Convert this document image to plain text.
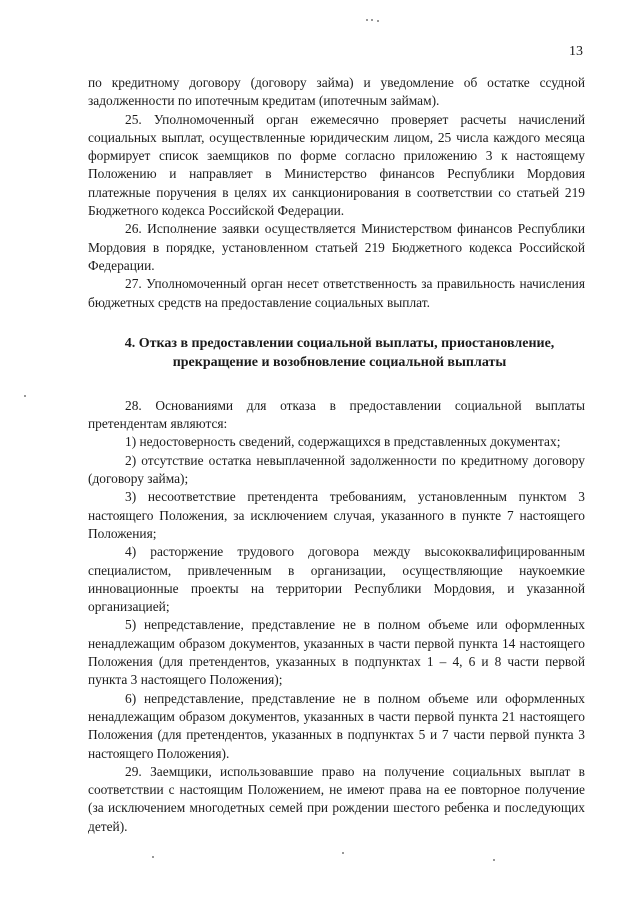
13

по кредитному договору (договору займа) и уведомление об остатке ссудной задолженности по ипотечным кредитам (ипотечным займам).

25. Уполномоченный орган ежемесячно проверяет расчеты начислений социальных выплат, осуществленные юридическим лицом, 25 числа каждого месяца формирует список заемщиков по форме согласно приложению 3 к настоящему Положению и направляет в Министерство финансов Республики Мордовия платежные поручения в целях их санкционирования в соответствии со статьей 219 Бюджетного кодекса Российской Федерации.

26. Исполнение заявки осуществляется Министерством финансов Республики Мордовия в порядке, установленном статьей 219 Бюджетного кодекса Российской Федерации.

27. Уполномоченный орган несет ответственность за правильность начисления бюджетных средств на предоставление социальных выплат.

4. Отказ в предоставлении социальной выплаты, приостановление, прекращение и возобновление социальной выплаты

28. Основаниями для отказа в предоставлении социальной выплаты претендентам являются:

1) недостоверность сведений, содержащихся в представленных документах;

2) отсутствие остатка невыплаченной задолженности по кредитному договору (договору займа);

3) несоответствие претендента требованиям, установленным пунктом 3 настоящего Положения, за исключением случая, указанного в пункте 7 настоящего Положения;

4) расторжение трудового договора между высококвалифицированным специалистом, привлеченным в организации, осуществляющие наукоемкие инновационные проекты на территории Республики Мордовия, и указанной организацией;

5) непредставление, представление не в полном объеме или оформленных ненадлежащим образом документов, указанных в части первой пункта 14 настоящего Положения (для претендентов, указанных в подпунктах 1 – 4, 6 и 8 части первой пункта 3 настоящего Положения);

6) непредставление, представление не в полном объеме или оформленных ненадлежащим образом документов, указанных в части первой пункта 21 настоящего Положения (для претендентов, указанных в подпунктах 5 и 7 части первой пункта 3 настоящего Положения).

29. Заемщики, использовавшие право на получение социальных выплат в соответствии с настоящим Положением, не имеют права на ее повторное получение (за исключением многодетных семей при рождении шестого ребенка и последующих детей).
